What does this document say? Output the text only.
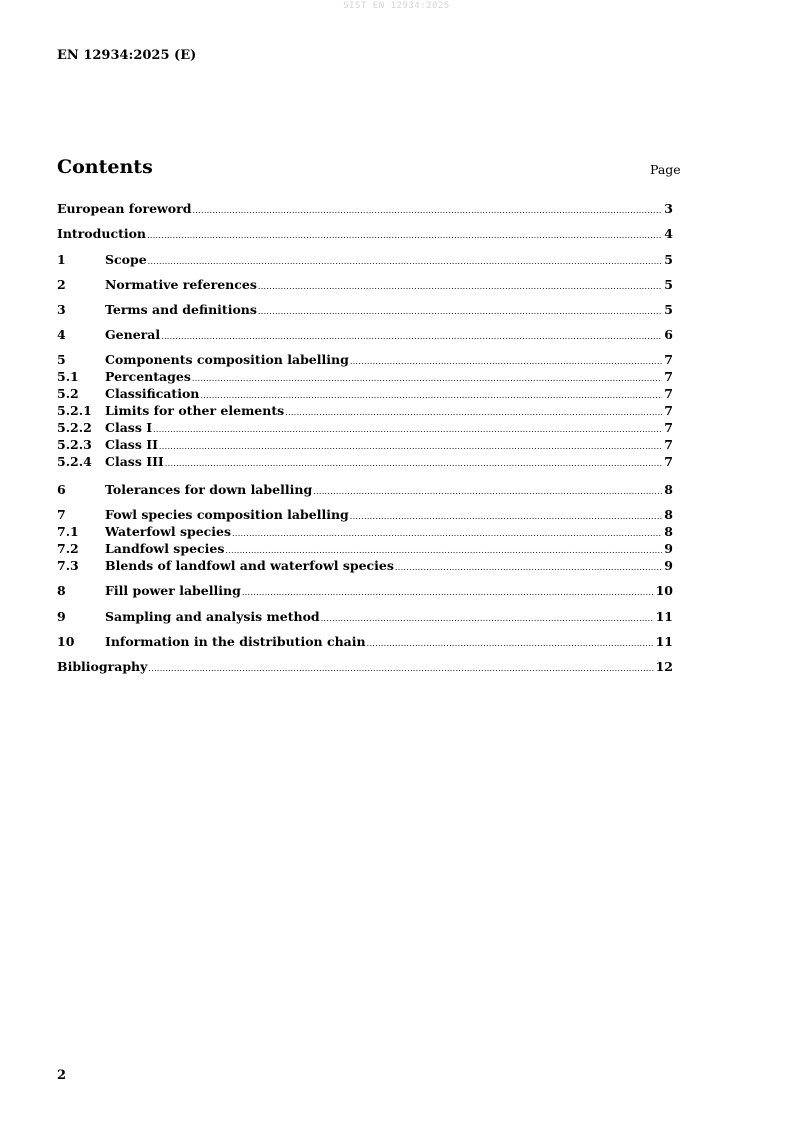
SIST EN 12934:2025
EN 12934:2025 (E)
Contents	Page
European foreword .....	3
Introduction .....	4
1	Scope .....	5
2	Normative references .....	5
3	Terms and definitions .....	5
4	General .....	6
5	Components composition labelling .....	7
5.1	Percentages .....	7
5.2	Classification .....	7
5.2.1	Limits for other elements .....	7
5.2.2	Class I .....	7
5.2.3	Class II .....	7
5.2.4	Class III .....	7
6	Tolerances for down labelling .....	8
7	Fowl species composition labelling .....	8
7.1	Waterfowl species .....	8
7.2	Landfowl species .....	9
7.3	Blends of landfowl and waterfowl species .....	9
8	Fill power labelling .....	10
9	Sampling and analysis method .....	11
10	Information in the distribution chain .....	11
Bibliography .....	12
2
